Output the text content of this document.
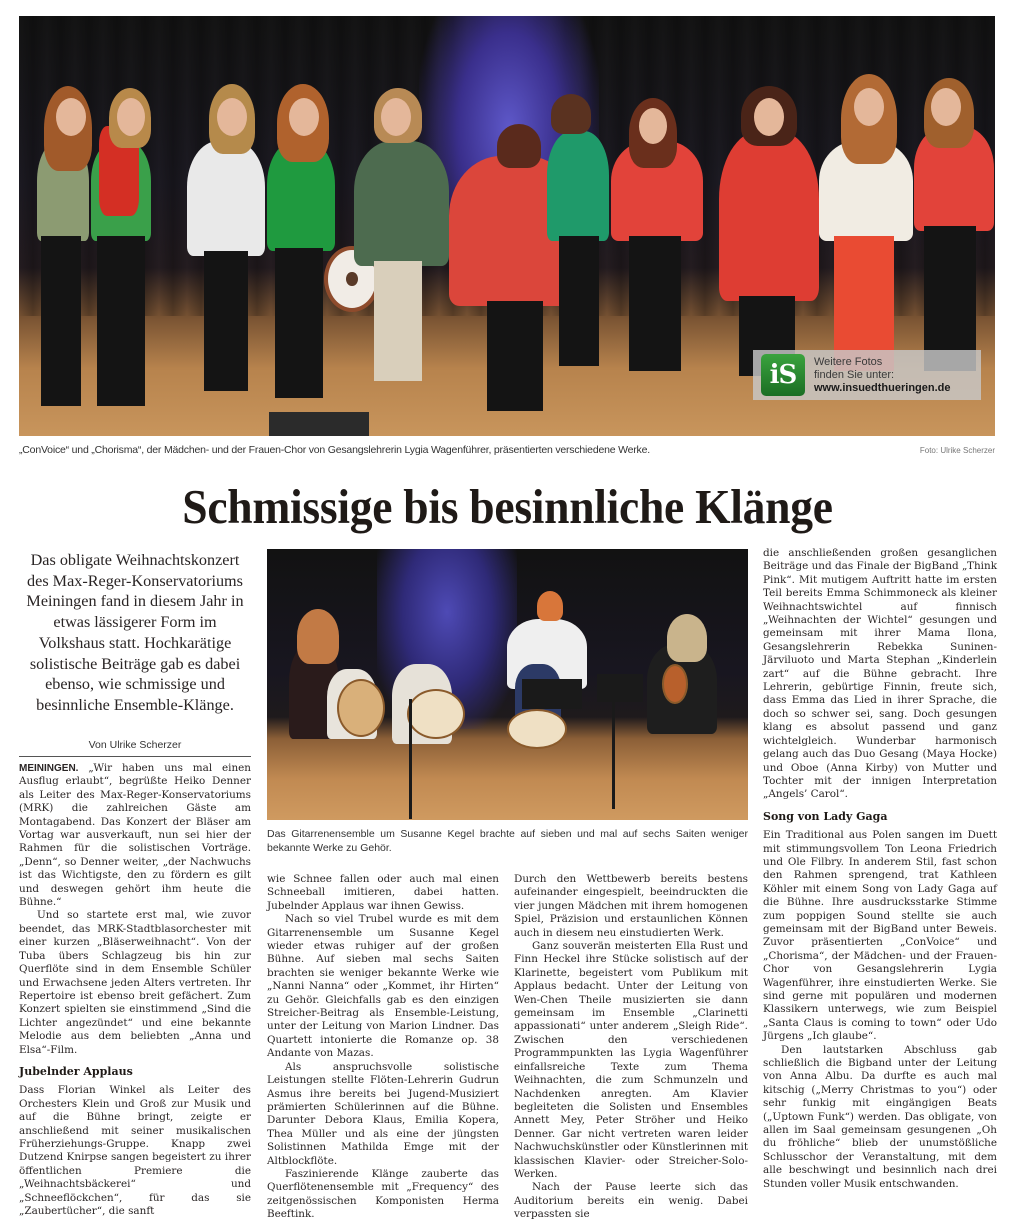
iS	Weitere Fotos
finden Sie unter:
www.insuedthueringen.de
„ConVoice“ und „Chorisma“, der Mädchen- und der Frauen-Chor von Gesangslehrerin Lygia Wagenführer, präsentierten verschiedene Werke.	Foto: Ulrike Scherzer
Schmissige bis besinnliche Klänge
Das obligate Weihnachtskonzert des Max-Reger-Konservatoriums Meiningen fand in diesem Jahr in etwas lässigerer Form im Volkshaus statt. Hochkarätige solistische Beiträge gab es dabei ebenso, wie schmissige und besinnliche Ensemble-Klänge.
Von Ulrike Scherzer
Das Gitarrenensemble um Susanne Kegel brachte auf sieben und mal auf sechs Saiten weniger bekannte Werke zu Gehör.

MEININGEN. „Wir haben uns mal einen Ausflug erlaubt“, begrüßte Heiko Denner als Leiter des Max-Reger-Konservatoriums (MRK) die zahlreichen Gäste am Montagabend. Das Konzert der Bläser am Vortag war ausverkauft, nun sei hier der Rahmen für die solistischen Vorträge. „Denn“, so Denner weiter, „der Nachwuchs ist das Wichtigste, den zu fördern es gilt und deswegen gehört ihm heute die Bühne.“

Und so startete erst mal, wie zuvor beendet, das MRK-Stadtblasorchester mit einer kurzen „Bläserweihnacht“. Von der Tuba übers Schlagzeug bis hin zur Querflöte sind in dem Ensemble Schüler und Erwachsene jeden Alters vertreten. Ihr Repertoire ist ebenso breit gefächert. Zum Konzert spielten sie einstimmend „Sind die Lichter angezündet“ und eine bekannte Melodie aus dem beliebten „Anna und Elsa“-Film.

Jubelnder Applaus

Dass Florian Winkel als Leiter des Orchesters Klein und Groß zur Musik und auf die Bühne bringt, zeigte er anschließend mit seiner musikalischen Früherziehungs-Gruppe. Knapp zwei Dutzend Knirpse sangen begeistert zu ihrer öffentlichen Premiere die „Weihnachtsbäckerei“ und „Schneeflöckchen“, für das sie „Zaubertücher“, die sanft

wie Schnee fallen oder auch mal einen Schneeball imitieren, dabei hatten. Jubelnder Applaus war ihnen Gewiss.

Nach so viel Trubel wurde es mit dem Gitarrenensemble um Susanne Kegel wieder etwas ruhiger auf der großen Bühne. Auf sieben mal sechs Saiten brachten sie weniger bekannte Werke wie „Nanni Nanna“ oder „Kommet, ihr Hirten“ zu Gehör. Gleichfalls gab es den einzigen Streicher-Beitrag als Ensemble-Leistung, unter der Leitung von Marion Lindner. Das Quartett intonierte die Romanze op. 38 Andante von Mazas.

Als anspruchsvolle solistische Leistungen stellte Flöten-Lehrerin Gudrun Asmus ihre bereits bei Jugend-Musiziert prämierten Schülerinnen auf die Bühne. Darunter Debora Klaus, Emilia Kopera, Thea Müller und als eine der jüngsten Solistinnen Mathilda Emge mit der Altblockflöte.

Faszinierende Klänge zauberte das Querflötenensemble mit „Frequency“ des zeitgenössischen Komponisten Herma Beeftink.

Durch den Wettbewerb bereits bestens aufeinander eingespielt, beeindruckten die vier jungen Mädchen mit ihrem homogenen Spiel, Präzision und erstaunlichen Können auch in diesem neu einstudierten Werk.

Ganz souverän meisterten Ella Rust und Finn Heckel ihre Stücke solistisch auf der Klarinette, begeistert vom Publikum mit Applaus bedacht. Unter der Leitung von Wen-Chen Theile musizierten sie dann gemeinsam im Ensemble „Clarinetti appassionati“ unter anderem „Sleigh Ride“. Zwischen den verschiedenen Programmpunkten las Lygia Wagenführer einfallsreiche Texte zum Thema Weihnachten, die zum Schmunzeln und Nachdenken anregten. Am Klavier begleiteten die Solisten und Ensembles Annett Mey, Peter Ströher und Heiko Denner. Gar nicht vertreten waren leider Nachwuchskünstler oder Künstlerinnen mit klassischen Klavier- oder Streicher-Solo-Werken.

Nach der Pause leerte sich das Auditorium bereits ein wenig. Dabei verpassten sie

die anschließenden großen gesanglichen Beiträge und das Finale der BigBand „Think Pink“. Mit mutigem Auftritt hatte im ersten Teil bereits Emma Schimmoneck als kleiner Weihnachtswichtel auf finnisch „Weihnachten der Wichtel“ gesungen und gemeinsam mit ihrer Mama Ilona, Gesangslehrerin Rebekka Suninen-Järviluoto und Marta Stephan „Kinderlein zart“ auf die Bühne gebracht. Ihre Lehrerin, gebürtige Finnin, freute sich, dass Emma das Lied in ihrer Sprache, die doch so schwer sei, sang. Doch gesungen klang es absolut passend und ganz wichtelgleich. Wunderbar harmonisch gelang auch das Duo Gesang (Maya Hocke) und Oboe (Anna Kirby) von Mutter und Tochter mit der innigen Interpretation „Angels’ Carol“.

Song von Lady Gaga

Ein Traditional aus Polen sangen im Duett mit stimmungsvollem Ton Leona Friedrich und Ole Filbry. In anderem Stil, fast schon den Rahmen sprengend, trat Kathleen Köhler mit einem Song von Lady Gaga auf die Bühne. Ihre ausdrucksstarke Stimme zum poppigen Sound stellte sie auch gemeinsam mit der BigBand unter Beweis. Zuvor präsentierten „ConVoice“ und „Chorisma“, der Mädchen- und der Frauen-Chor von Gesangslehrerin Lygia Wagenführer, ihre einstudierten Werke. Sie sind gerne mit populären und modernen Klassikern unterwegs, wie zum Beispiel „Santa Claus is coming to town“ oder Udo Jürgens „Ich glaube“.

Den lautstarken Abschluss gab schließlich die Bigband unter der Leitung von Anna Albu. Da durfte es auch mal kitschig („Merry Christmas to you“) oder sehr funkig mit eingängigen Beats („Uptown Funk“) werden. Das obligate, von allen im Saal gemeinsam gesungenen „Oh du fröhliche“ blieb der unumstößliche Schlusschor der Veranstaltung, mit dem alle beschwingt und besinnlich nach drei Stunden voller Musik entschwanden.
